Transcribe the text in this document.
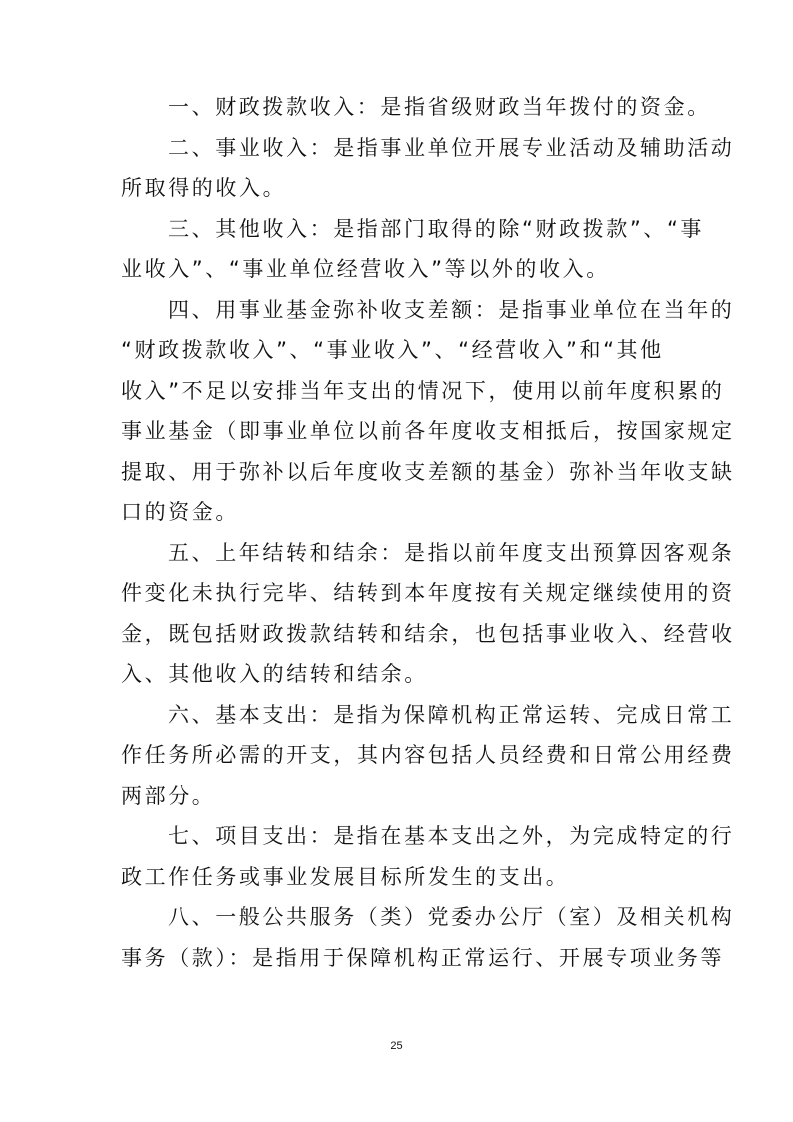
一、财政拨款收入：是指省级财政当年拨付的资金。

二、事业收入：是指事业单位开展专业活动及辅助活动
所取得的收入。

三、其他收入：是指部门取得的除“财政拨款”、“事
业收入”、“事业单位经营收入”等以外的收入。

四、用事业基金弥补收支差额：是指事业单位在当年的
“财政拨款收入”、“事业收入”、“经营收入”和“其他
收入”不足以安排当年支出的情况下，使用以前年度积累的
事业基金（即事业单位以前各年度收支相抵后，按国家规定
提取、用于弥补以后年度收支差额的基金）弥补当年收支缺
口的资金。

五、上年结转和结余：是指以前年度支出预算因客观条
件变化未执行完毕、结转到本年度按有关规定继续使用的资
金，既包括财政拨款结转和结余，也包括事业收入、经营收
入、其他收入的结转和结余。

六、基本支出：是指为保障机构正常运转、完成日常工
作任务所必需的开支，其内容包括人员经费和日常公用经费
两部分。

七、项目支出：是指在基本支出之外，为完成特定的行
政工作任务或事业发展目标所发生的支出。

八、一般公共服务（类）党委办公厅（室）及相关机构
事务（款）：是指用于保障机构正常运行、开展专项业务等

25
